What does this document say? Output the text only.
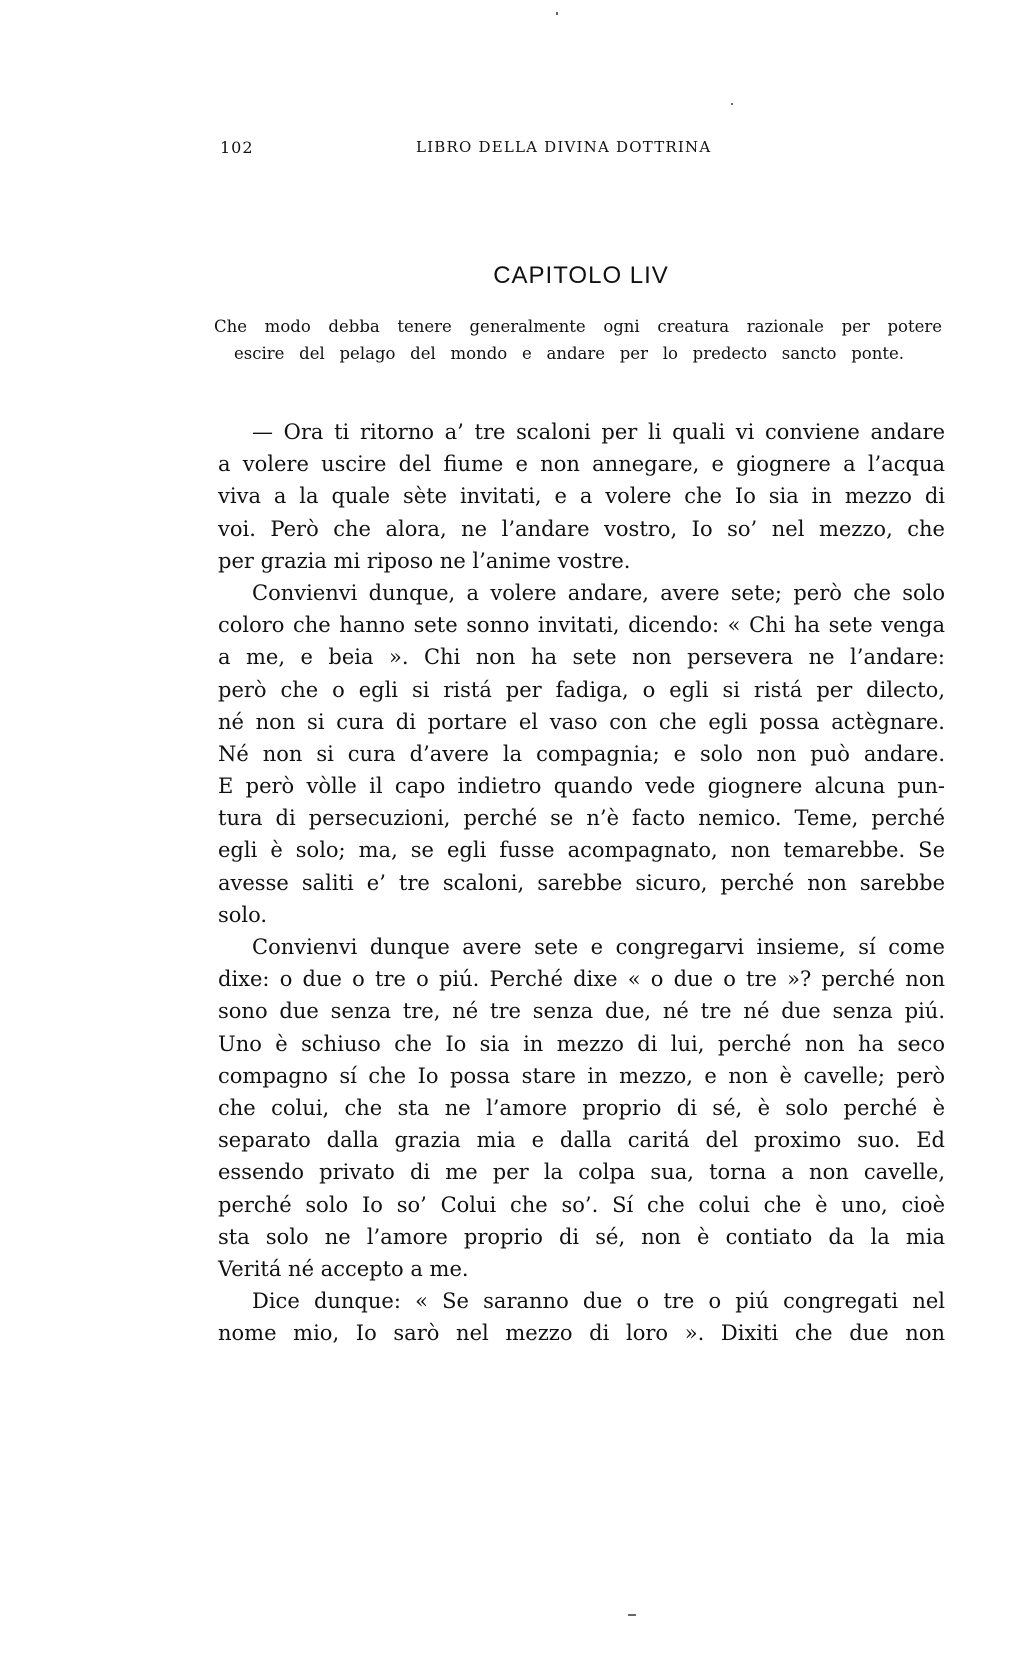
102	LIBRO DELLA DIVINA DOTTRINA
CAPITOLO LIV
Che modo debba tenere generalmente ogni creatura razionale per potere
escire del pelago del mondo e andare per lo predecto sancto ponte.
— Ora ti ritorno a’ tre scaloni per li quali vi conviene andare
a volere uscire del fiume e non annegare, e giognere a l’acqua
viva a la quale sète invitati, e a volere che Io sia in mezzo di
voi. Però che alora, ne l’andare vostro, Io so’ nel mezzo, che
per grazia mi riposo ne l’anime vostre.
Convienvi dunque, a volere andare, avere sete; però che solo
coloro che hanno sete sonno invitati, dicendo: « Chi ha sete venga
a me, e beia ». Chi non ha sete non persevera ne l’andare:
però che o egli si ristá per fadiga, o egli si ristá per dilecto,
né non si cura di portare el vaso con che egli possa actègnare.
Né non si cura d’avere la compagnia; e solo non può andare.
E però vòlle il capo indietro quando vede giognere alcuna pun-
tura di persecuzioni, perché se n’è facto nemico. Teme, perché
egli è solo; ma, se egli fusse acompagnato, non temarebbe. Se
avesse saliti e’ tre scaloni, sarebbe sicuro, perché non sarebbe
solo.
Convienvi dunque avere sete e congregarvi insieme, sí come
dixe: o due o tre o piú. Perché dixe « o due o tre »? perché non
sono due senza tre, né tre senza due, né tre né due senza piú.
Uno è schiuso che Io sia in mezzo di lui, perché non ha seco
compagno sí che Io possa stare in mezzo, e non è cavelle; però
che colui, che sta ne l’amore proprio di sé, è solo perché è
separato dalla grazia mia e dalla caritá del proximo suo. Ed
essendo privato di me per la colpa sua, torna a non cavelle,
perché solo Io so’ Colui che so’. Sí che colui che è uno, cioè
sta solo ne l’amore proprio di sé, non è contiato da la mia
Veritá né accepto a me.
Dice dunque: « Se saranno due o tre o piú congregati nel
nome mio, Io sarò nel mezzo di loro ». Dixiti che due non
